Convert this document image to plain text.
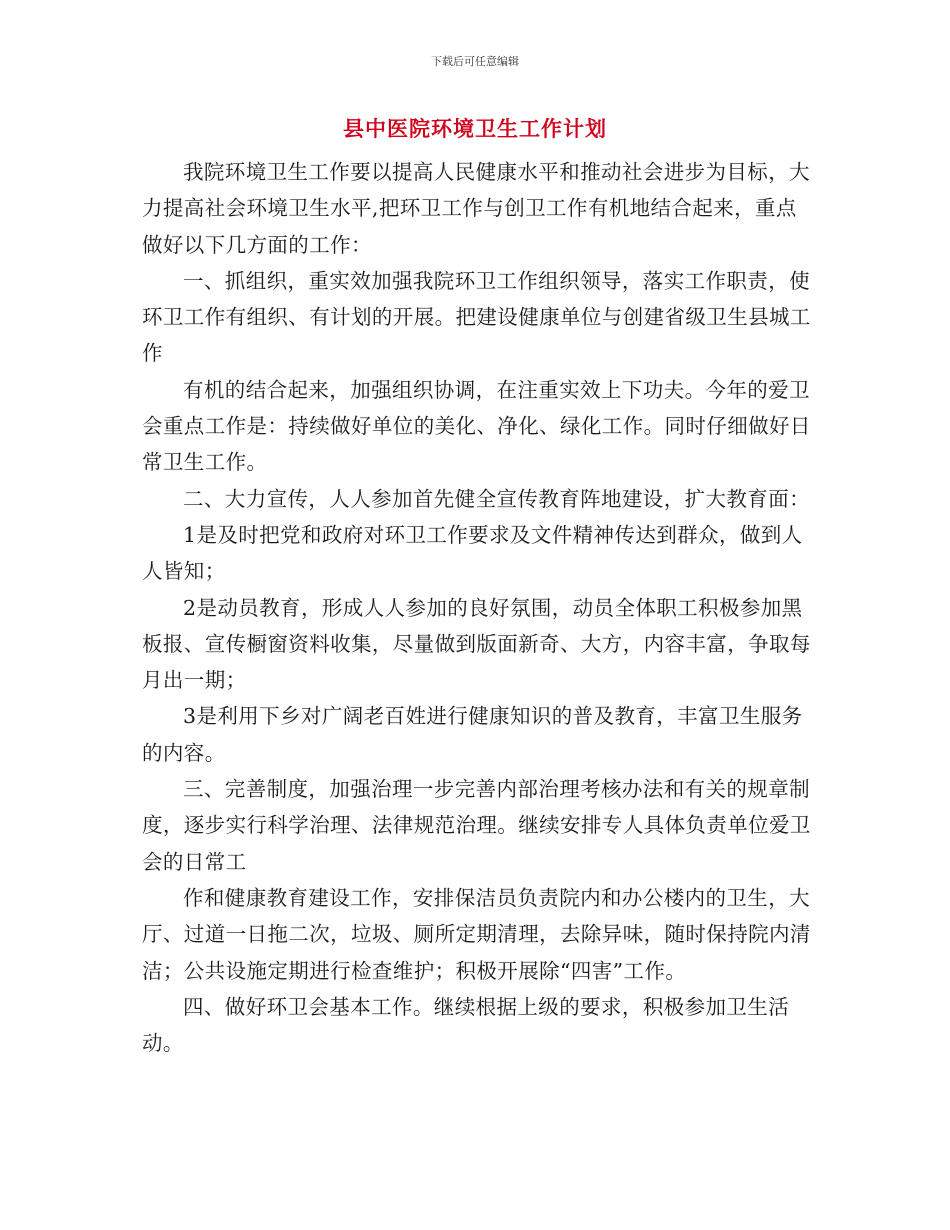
下载后可任意编辑
县中医院环境卫生工作计划

我院环境卫生工作要以提高人民健康水平和推动社会进步为目标，大力提高社会环境卫生水平,把环卫工作与创卫工作有机地结合起来，重点做好以下几方面的工作：

一、抓组织，重实效加强我院环卫工作组织领导，落实工作职责，使环卫工作有组织、有计划的开展。把建设健康单位与创建省级卫生县城工作

有机的结合起来，加强组织协调，在注重实效上下功夫。今年的爱卫会重点工作是：持续做好单位的美化、净化、绿化工作。同时仔细做好日常卫生工作。

二、大力宣传，人人参加首先健全宣传教育阵地建设，扩大教育面：

1是及时把党和政府对环卫工作要求及文件精神传达到群众，做到人人皆知；

2是动员教育，形成人人参加的良好氛围，动员全体职工积极参加黑板报、宣传橱窗资料收集，尽量做到版面新奇、大方，内容丰富，争取每月出一期；

3是利用下乡对广阔老百姓进行健康知识的普及教育，丰富卫生服务的内容。

三、完善制度，加强治理一步完善内部治理考核办法和有关的规章制度，逐步实行科学治理、法律规范治理。继续安排专人具体负责单位爱卫会的日常工

作和健康教育建设工作，安排保洁员负责院内和办公楼内的卫生，大厅、过道一日拖二次，垃圾、厕所定期清理，去除异味，随时保持院内清洁；公共设施定期进行检查维护；积极开展除“四害”工作。

四、做好环卫会基本工作。继续根据上级的要求，积极参加卫生活动。
